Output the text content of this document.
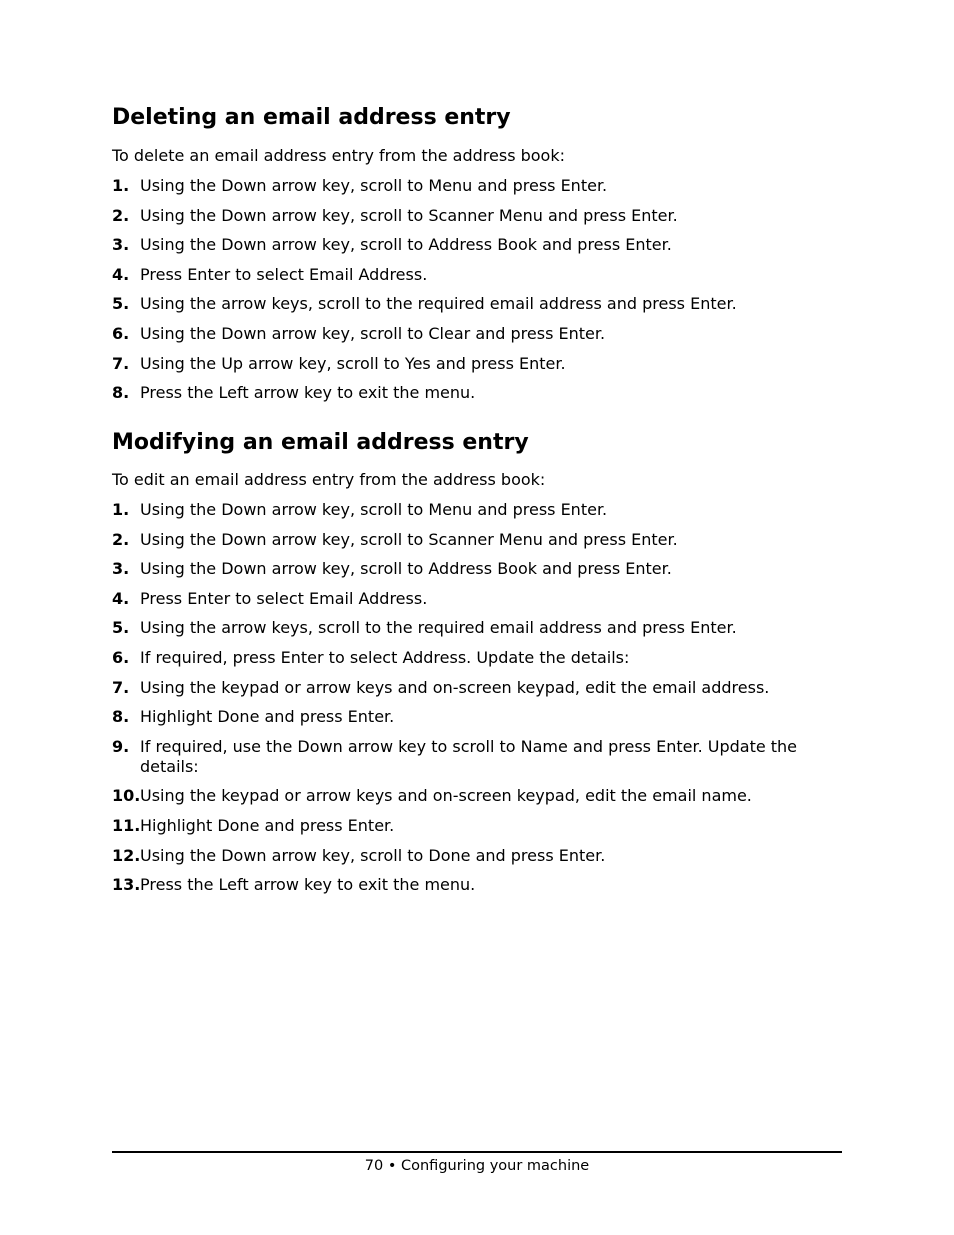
Deleting an email address entry

To delete an email address entry from the address book:

1. Using the Down arrow key, scroll to Menu and press Enter.
2. Using the Down arrow key, scroll to Scanner Menu and press Enter.
3. Using the Down arrow key, scroll to Address Book and press Enter.
4. Press Enter to select Email Address.
5. Using the arrow keys, scroll to the required email address and press Enter.
6. Using the Down arrow key, scroll to Clear and press Enter.
7. Using the Up arrow key, scroll to Yes and press Enter.
8. Press the Left arrow key to exit the menu.
Modifying an email address entry

To edit an email address entry from the address book:

1. Using the Down arrow key, scroll to Menu and press Enter.
2. Using the Down arrow key, scroll to Scanner Menu and press Enter.
3. Using the Down arrow key, scroll to Address Book and press Enter.
4. Press Enter to select Email Address.
5. Using the arrow keys, scroll to the required email address and press Enter.
6. If required, press Enter to select Address. Update the details:
7. Using the keypad or arrow keys and on-screen keypad, edit the email address.
8. Highlight Done and press Enter.
9. If required, use the Down arrow key to scroll to Name and press Enter. Update the details:
10. Using the keypad or arrow keys and on-screen keypad, edit the email name.
11. Highlight Done and press Enter.
12. Using the Down arrow key, scroll to Done and press Enter.
13. Press the Left arrow key to exit the menu.
70 • Configuring your machine
